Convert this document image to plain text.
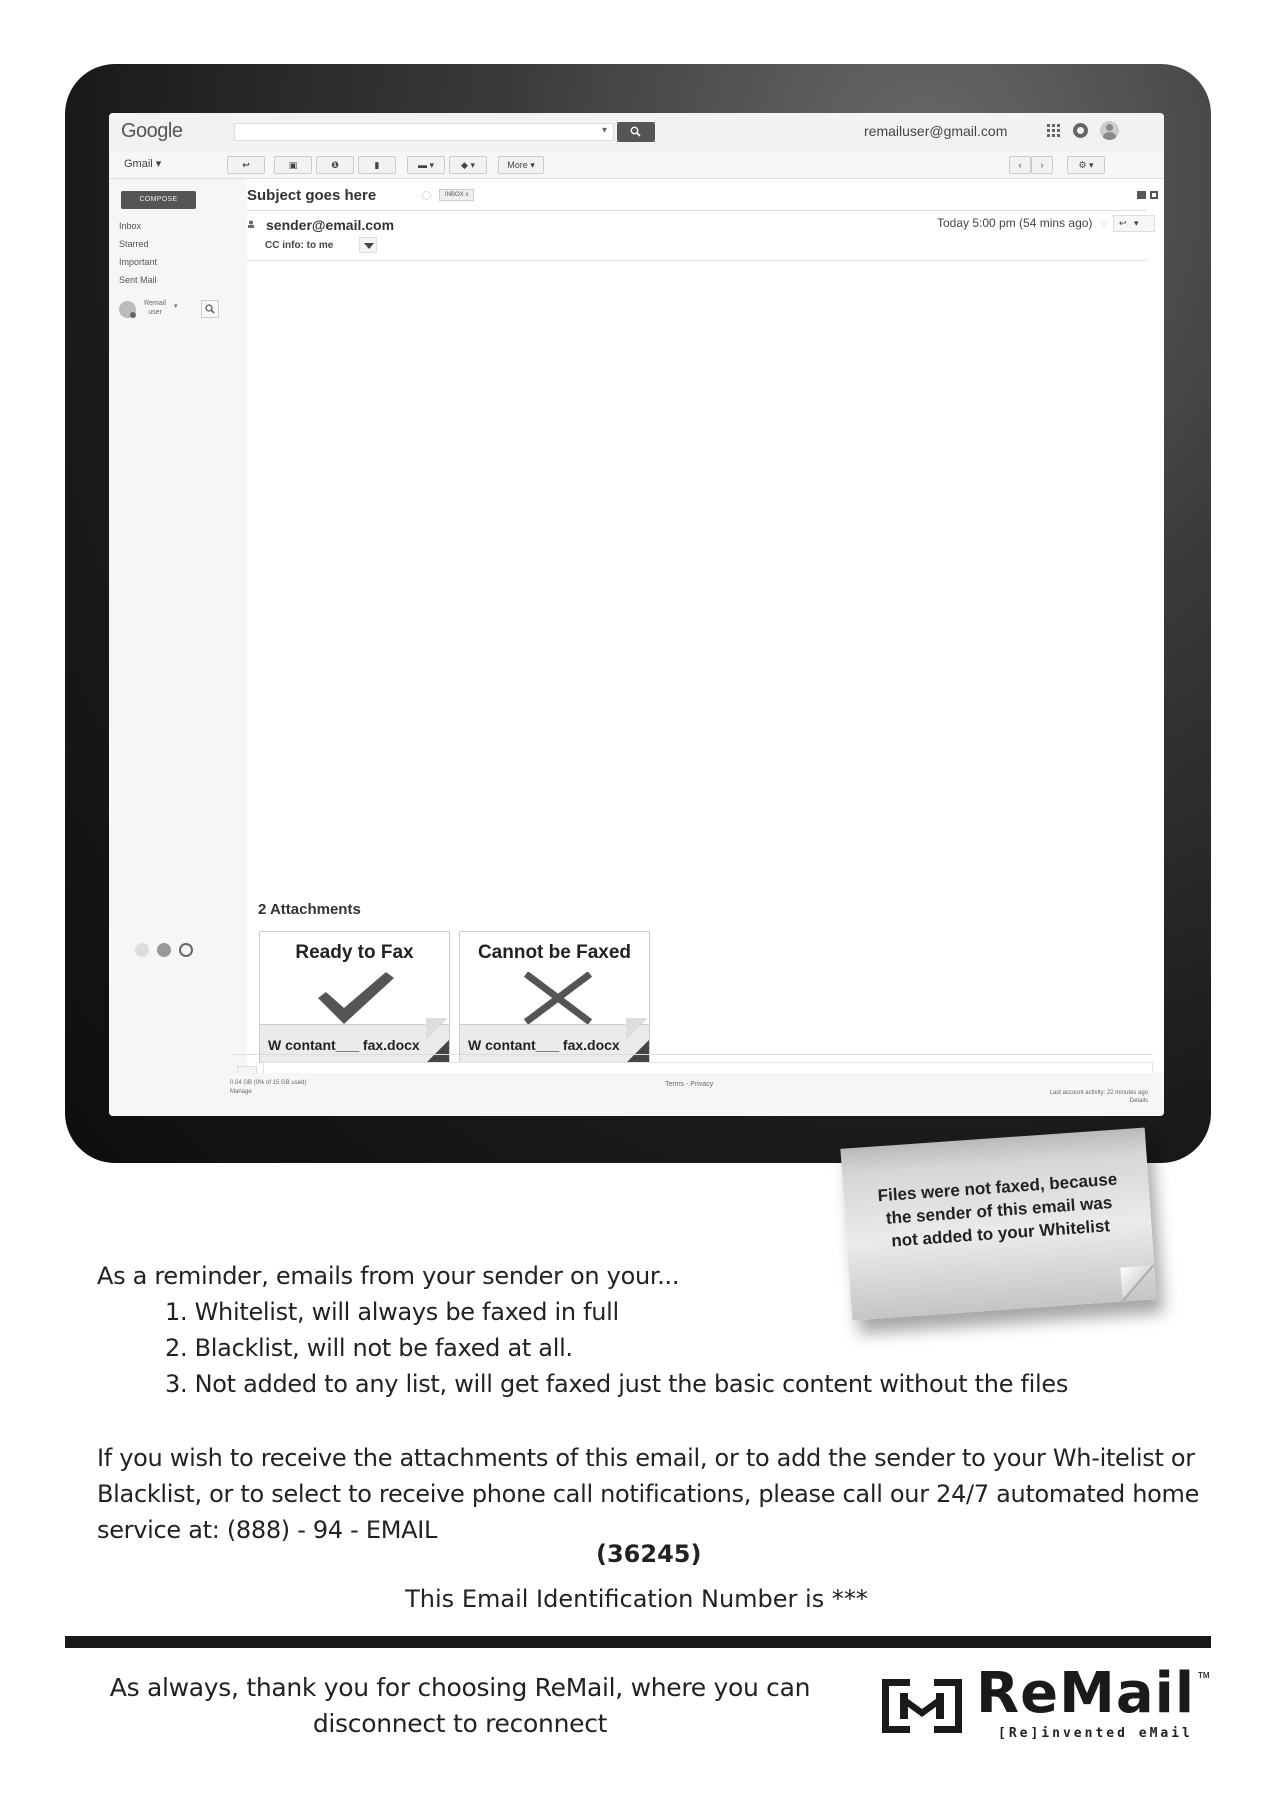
Google	▾	remailuser@gmail.com
Gmail ▾	↩	▣	❶	▮	▬ ▾	◆ ▾	More ▾	‹	›	⚙ ▾
COMPOSE
Inbox
Starred
Important
Sent Mail
Remail user
▾
Subject goes here	INBOX x
sender@email.com
CC info: to me
Today 5:00 pm (54 mins ago) ☆ ↩   ▾
2 Attachments
Ready to Fax
W contant___ fax.docx
Cannot be Faxed
W contant___ fax.docx
0.04 GB (0% of 15 GB used)
Manage
Terms - Privacy
Last account activity: 22 minutes ago
Details
Files were not faxed, because the sender of this email was not added to your Whitelist
As a reminder, emails from your sender on your...
1. Whitelist, will always be faxed in full
2. Blacklist, will not be faxed at all.
3. Not added to any list, will get faxed just the basic content without the files
If you wish to receive the attachments of this email, or to add the sender to your Wh-itelist or Blacklist, or to select to receive phone call notifications, please call our 24/7 automated home service at: (888) - 94 - EMAIL
(36245)
This Email Identification Number is ***
As always, thank you for choosing ReMail, where you can disconnect to reconnect	ReMail TM
[Re]invented eMail
